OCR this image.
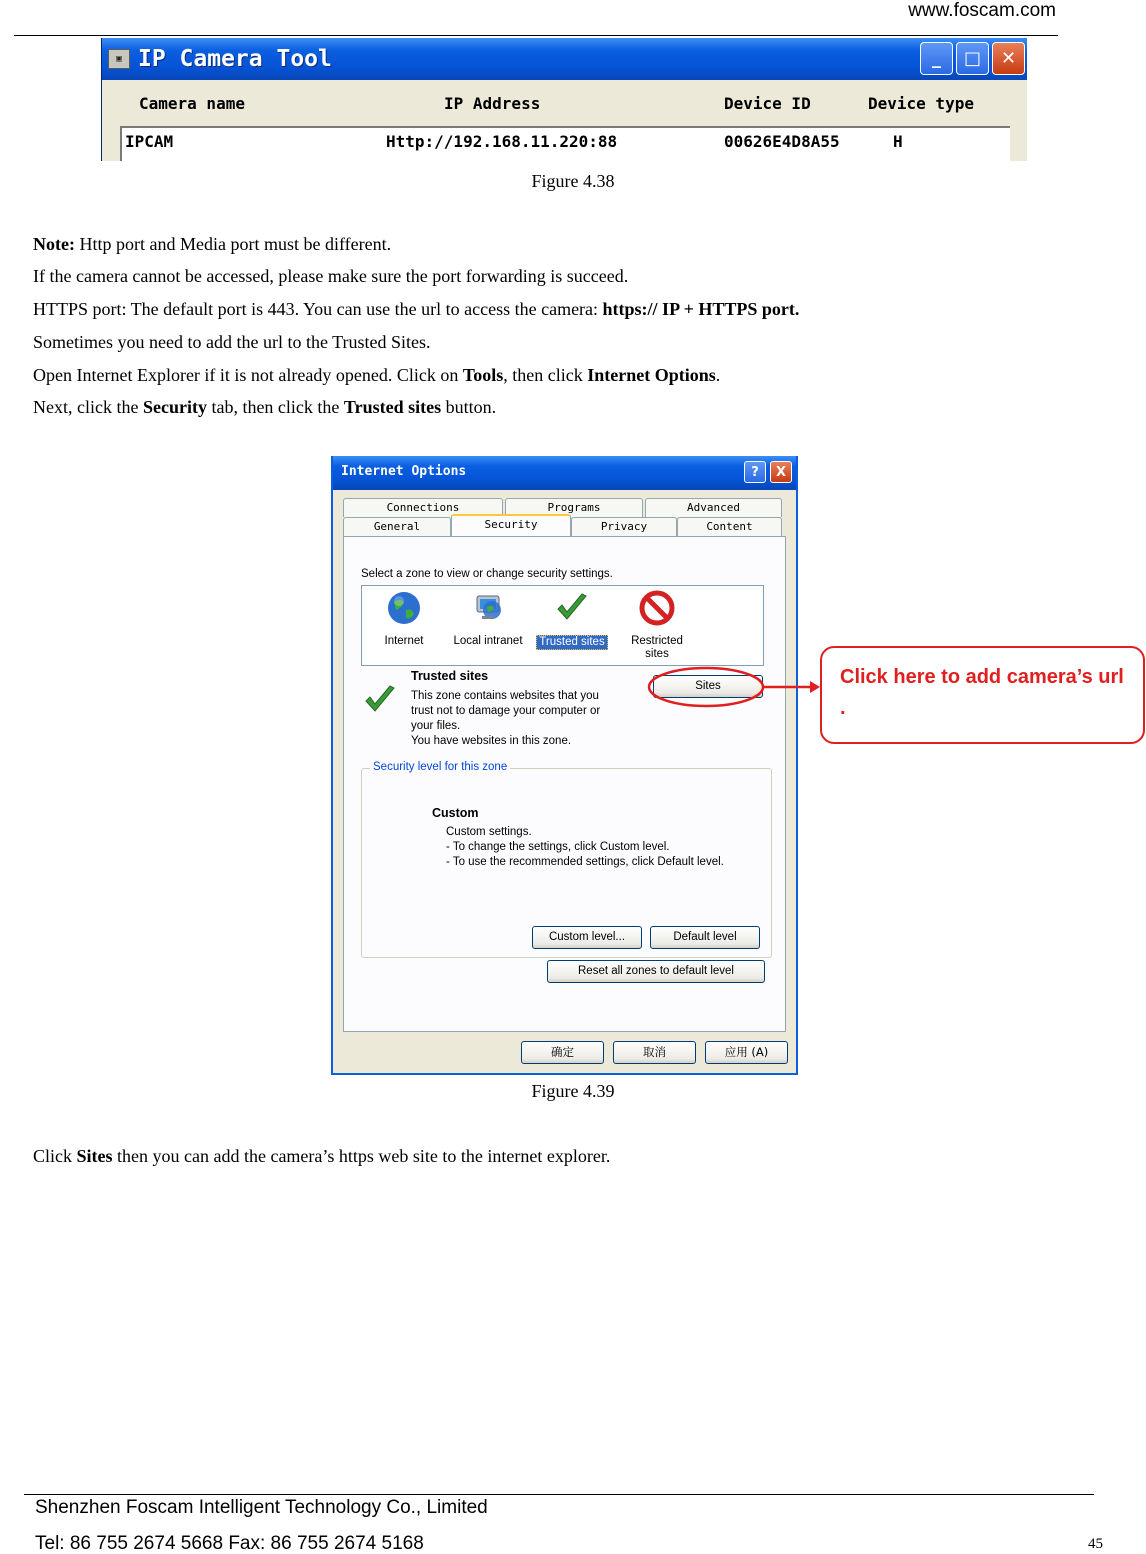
www.foscam.com
▣ IP Camera Tool	_	□	✕
Camera name	IP Address	Device ID	Device type
IPCAM	Http://192.168.11.220:88	00626E4D8A55	H
Figure 4.38
Note: Http port and Media port must be different.
If the camera cannot be accessed, please make sure the port forwarding is succeed.
HTTPS port: The default port is 443. You can use the url to access the camera: https:// IP + HTTPS port.
Sometimes you need to add the url to the Trusted Sites.
Open Internet Explorer if it is not already opened. Click on Tools, then click Internet Options.
Next, click the Security tab, then click the Trusted sites button.
Internet Options	?	X
Connections	Programs	Advanced
General	Security	Privacy	Content
Select a zone to view or change security settings.
Internet	Local intranet	Trusted sites	Restricted sites
Trusted sites
This zone contains websites that you
trust not to damage your computer or
your files.
You have websites in this zone.
Sites
Security level for this zone
Custom
Custom settings.
- To change the settings, click Custom level.
- To use the recommended settings, click Default level.
Custom level...	Default level
Reset all zones to default level
确定	取消	应用 (A)
Click here to add camera’s url .
Figure 4.39
Click Sites then you can add the camera’s https web site to the internet explorer.
Shenzhen Foscam Intelligent Technology Co., Limited
Tel: 86 755 2674 5668 Fax: 86 755 2674 5168	45
